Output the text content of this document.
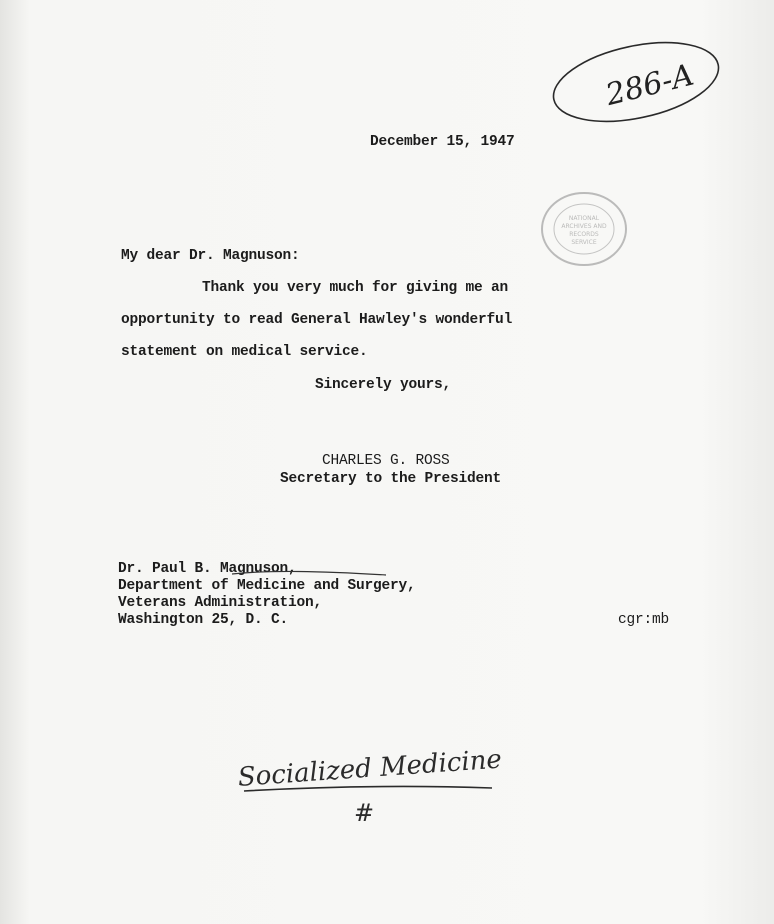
286-A
December 15, 1947
NATIONAL
ARCHIVES AND
RECORDS
SERVICE
My dear Dr. Magnuson:
Thank you very much for giving me an
opportunity to read General Hawley's wonderful
statement on medical service.
Sincerely yours,
CHARLES G. ROSS
Secretary to the President
Dr. Paul B. Magnuson,
Department of Medicine and Surgery,
Veterans Administration,
Washington 25, D. C.	cgr:mb
Socialized Medicine
#
